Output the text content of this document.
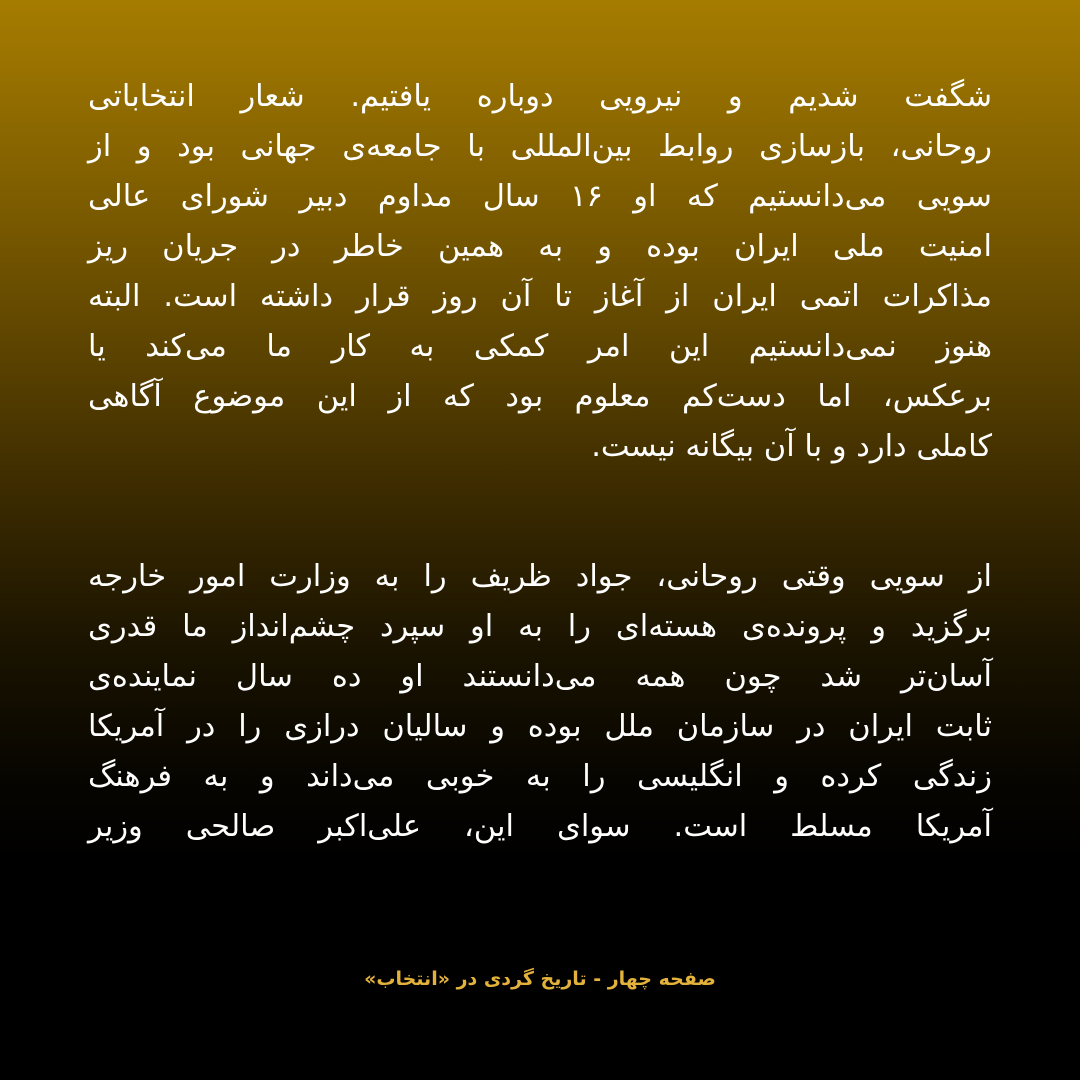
شگفت شدیم و نیرویی دوباره یافتیم. شعار انتخاباتی
روحانی، بازسازی روابط بین‌المللی با جامعه‌ی جهانی بود و از
سویی می‌دانستیم که او ۱۶ سال مداوم دبیر شورای عالی
امنیت ملی ایران بوده و به همین خاطر در جریان ریز
مذاکرات اتمی ایران از آغاز تا آن روز قرار داشته است. البته
هنوز نمی‌دانستیم این امر کمکی به کار ما می‌کند یا
برعکس، اما دست‌کم معلوم بود که از این موضوع آگاهی
کاملی دارد و با آن بیگانه نیست.

از سویی وقتی روحانی، جواد ظریف را به وزارت امور خارجه
برگزید و پرونده‌ی هسته‌ای را به او سپرد چشم‌انداز ما قدری
آسان‌تر شد چون همه می‌دانستند او ده سال نماینده‌ی
ثابت ایران در سازمان ملل بوده و سالیان درازی را در آمریکا
زندگی کرده و انگلیسی را به خوبی می‌داند و به فرهنگ
آمریکا مسلط است. سوای این، علی‌اکبر صالحی وزیر

صفحه چهار - تاریخ گردی در «انتخاب»
